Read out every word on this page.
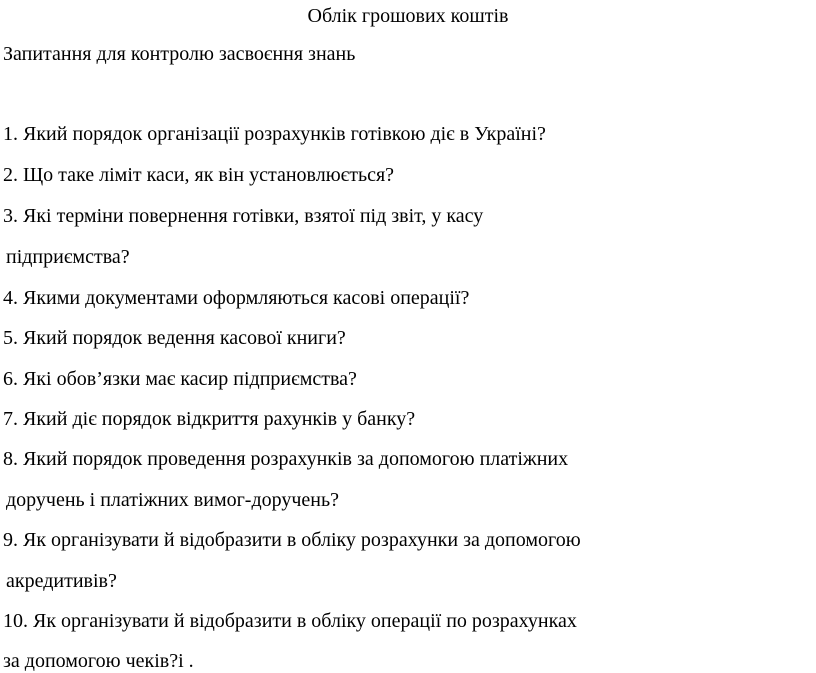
Облік грошових коштів
Запитання для контролю засвоєння знань
1. Який порядок організації розрахунків готівкою діє в Україні?
2. Що таке ліміт каси, як він установлюється?
3. Які терміни повернення готівки, взятої під звіт, у касу
підприємства?
4. Якими документами оформляються касові операції?
5. Який порядок ведення касової книги?
6. Які обов’язки має касир підприємства?
7. Який діє порядок відкриття рахунків у банку?
8. Який порядок проведення розрахунків за допомогою платіжних
доручень і платіжних вимог-доручень?
9. Як організувати й відобразити в обліку розрахунки за допомогою
акредитивів?
10. Як організувати й відобразити в обліку операції по розрахунках
за допомогою чеків?і .
